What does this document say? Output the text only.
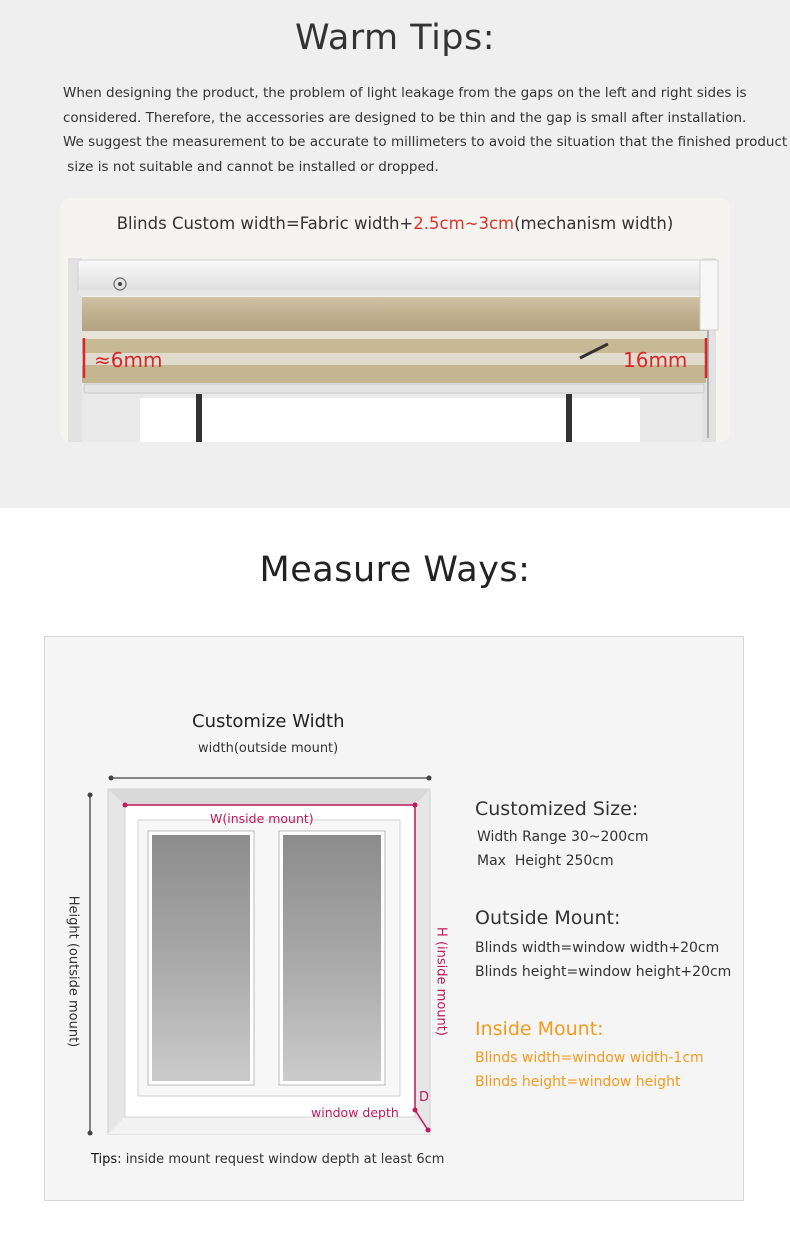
Warm Tips:

When designing the product, the problem of light leakage from the gaps on the left and right sides is

considered. Therefore, the accessories are designed to be thin and the gap is small after installation.

We suggest the measurement to be accurate to millimeters to avoid the situation that the finished product

size is not suitable and cannot be installed or dropped.

Blinds Custom width=Fabric width+2.5cm~3cm(mechanism width)
≈6mm	16mm
Measure Ways:
Customize Width
width(outside mount)
Height (outside mount)
W(inside mount)
H (inside mount)
D
window depth
Tips: inside mount request window depth at least 6cm
Customized Size:
Width Range 30~200cm
Max  Height 250cm
Outside Mount:
Blinds width=window width+20cm
Blinds height=window height+20cm
Inside Mount:
Blinds width=window width-1cm
Blinds height=window height
